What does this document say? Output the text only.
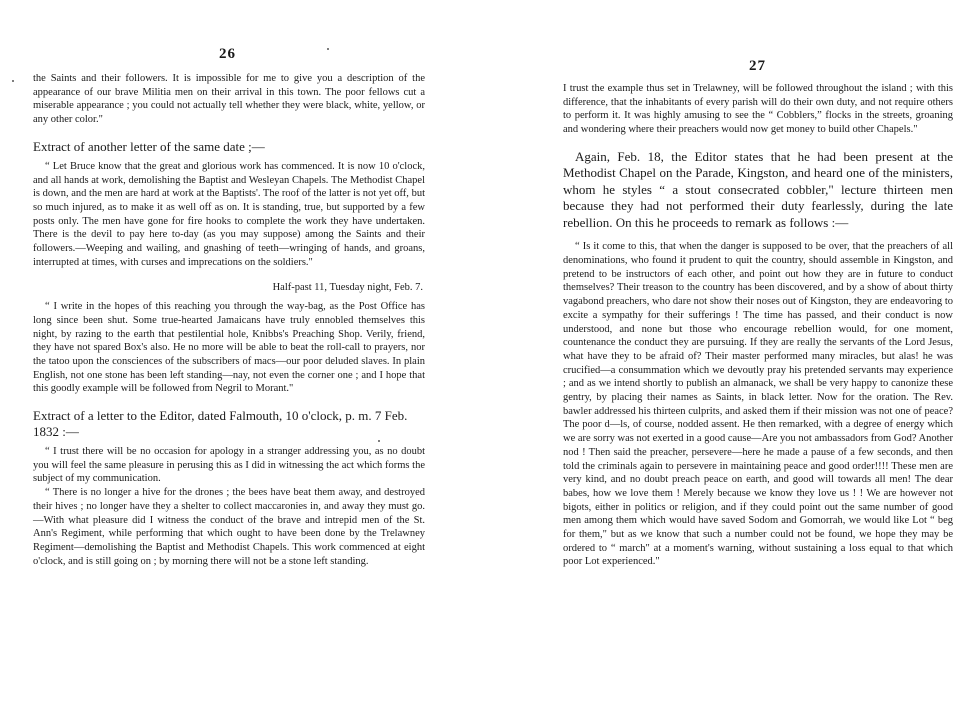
26

the Saints and their followers. It is impossible for me to give you a description of the appearance of our brave Militia men on their arrival in this town. The poor fellows cut a miserable appearance ; you could not actually tell whether they were black, white, yellow, or any other color."

Extract of another letter of the same date ;—

“ Let Bruce know that the great and glorious work has commenced. It is now 10 o'clock, and all hands at work, demolishing the Baptist and Wesleyan Chapels. The Methodist Chapel is down, and the men are hard at work at the Baptists'. The roof of the latter is not yet off, but so much injured, as to make it as well off as on. It is standing, true, but supported by a few posts only. The men have gone for fire hooks to complete the work they have undertaken. There is the devil to pay here to-day (as you may suppose) among the Saints and their followers.—Weeping and wailing, and gnashing of teeth—wringing of hands, and groans, interrupted at times, with curses and imprecations on the soldiers."

Half-past 11, Tuesday night, Feb. 7.

“ I write in the hopes of this reaching you through the way-bag, as the Post Office has long since been shut. Some true-hearted Jamaicans have truly ennobled themselves this night, by razing to the earth that pestilential hole, Knibbs's Preaching Shop. Verily, friend, they have not spared Box's also. He no more will be able to beat the roll-call to prayers, nor the tatoo upon the consciences of the subscribers of macs—our poor deluded slaves. In plain English, not one stone has been left standing—nay, not even the corner one ; and I hope that this goodly example will be followed from Negril to Morant."

Extract of a letter to the Editor, dated Falmouth, 10 o'clock, p. m. 7 Feb. 1832 :—

“ I trust there will be no occasion for apology in a stranger addressing you, as no doubt you will feel the same pleasure in perusing this as I did in witnessing the act which forms the subject of my communication.

“ There is no longer a hive for the drones ; the bees have beat them away, and destroyed their hives ; no longer have they a shelter to collect maccaronies in, and away they must go.—With what pleasure did I witness the conduct of the brave and intrepid men of the St. Ann's Regiment, while performing that which ought to have been done by the Trelawney Regiment—demolishing the Baptist and Methodist Chapels. This work commenced at eight o'clock, and is still going on ; by morning there will not be a stone left standing.

27

I trust the example thus set in Trelawney, will be followed throughout the island ; with this difference, that the inhabitants of every parish will do their own duty, and not require others to perform it. It was highly amusing to see the “ Cobblers,” flocks in the streets, groaning and wondering where their preachers would now get money to build other Chapels."

Again, Feb. 18, the Editor states that he had been present at the Methodist Chapel on the Parade, Kingston, and heard one of the ministers, whom he styles “ a stout consecrated cobbler," lecture thirteen men because they had not performed their duty fearlessly, during the late rebellion. On this he proceeds to remark as follows :—

“ Is it come to this, that when the danger is supposed to be over, that the preachers of all denominations, who found it prudent to quit the country, should assemble in Kingston, and pretend to be instructors of each other, and point out how they are in future to conduct themselves? Their treason to the country has been discovered, and by a show of about thirty vagabond preachers, who dare not show their noses out of Kingston, they are endeavoring to excite a sympathy for their sufferings ! The time has passed, and their conduct is now understood, and none but those who encourage rebellion would, for one moment, countenance the conduct they are pursuing. If they are really the servants of the Lord Jesus, what have they to be afraid of? Their master performed many miracles, but alas! he was crucified—a consummation which we devoutly pray his pretended servants may experience ; and as we intend shortly to publish an almanack, we shall be very happy to canonize these gentry, by placing their names as Saints, in black letter. Now for the oration. The Rev. bawler addressed his thirteen culprits, and asked them if their mission was not one of peace? The poor d—ls, of course, nodded assent. He then remarked, with a degree of energy which we are sorry was not exerted in a good cause—Are you not ambassadors from God? Another nod ! Then said the preacher, persevere—here he made a pause of a few seconds, and then told the criminals again to persevere in maintaining peace and good order!!!! These men are very kind, and no doubt preach peace on earth, and good will towards all men! The dear babes, how we love them ! Merely because we know they love us ! ! We are however not bigots, either in politics or religion, and if they could point out the same number of good men among them which would have saved Sodom and Gomorrah, we would like Lot “ beg for them," but as we know that such a number could not be found, we hope they may be ordered to “ march" at a moment's warning, without sustaining a loss equal to that which poor Lot experienced."
